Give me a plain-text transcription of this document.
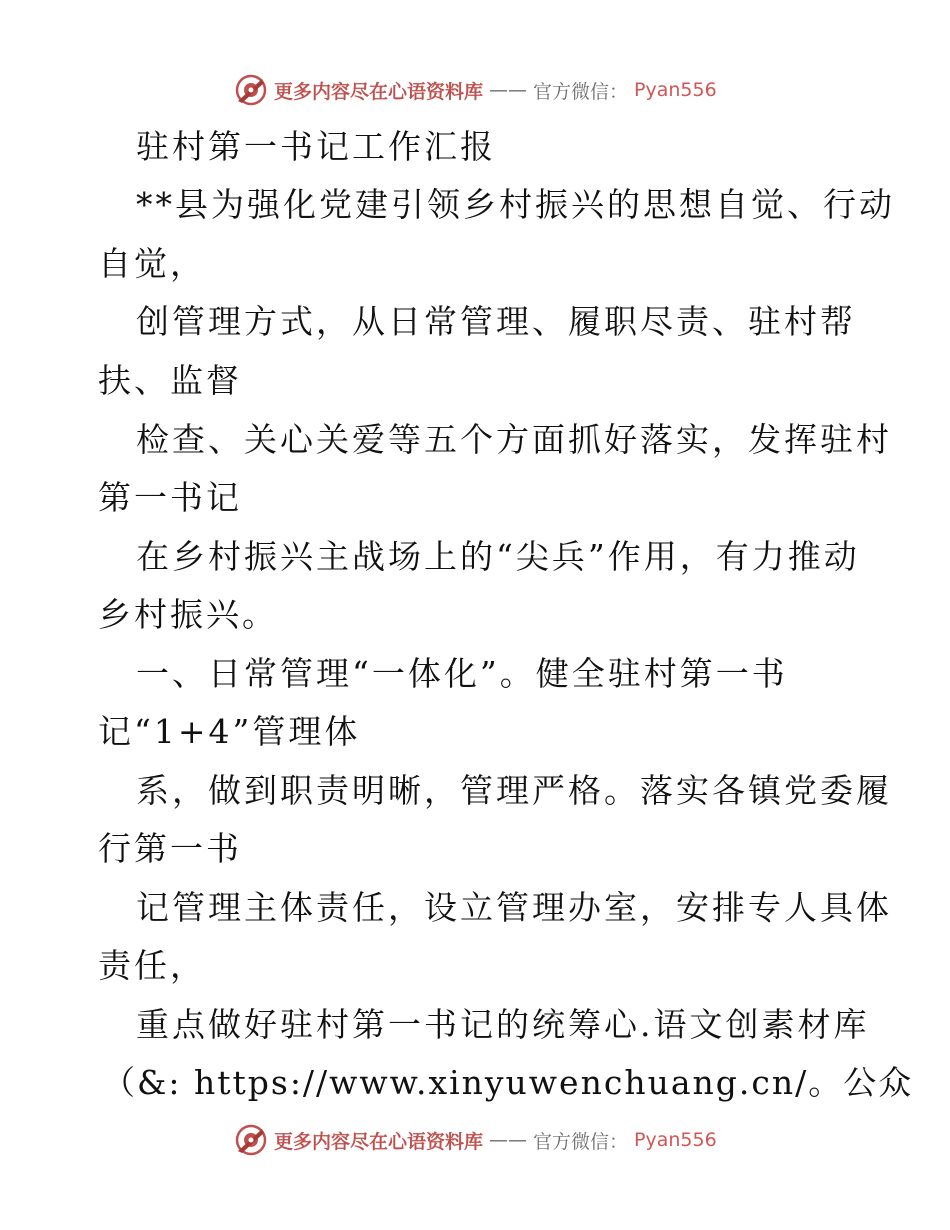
更多内容尽在心语资料库 —— 官方微信： Pyan556
驻村第一书记工作汇报
**县为强化党建引领乡村振兴的思想自觉、行动
自觉，
创管理方式，从日常管理、履职尽责、驻村帮
扶、监督
检查、关心关爱等五个方面抓好落实，发挥驻村
第一书记
在乡村振兴主战场上的“尖兵”作用，有力推动
乡村振兴。
一、日常管理“一体化”。健全驻村第一书
记“1+4”管理体
系，做到职责明晰，管理严格。落实各镇党委履
行第一书
记管理主体责任，设立管理办室，安排专人具体
责任，
重点做好驻村第一书记的统筹心.语文创素材库
（&: https://www.xinyuwenchuang.cn/。公众
更多内容尽在心语资料库 —— 官方微信： Pyan556
